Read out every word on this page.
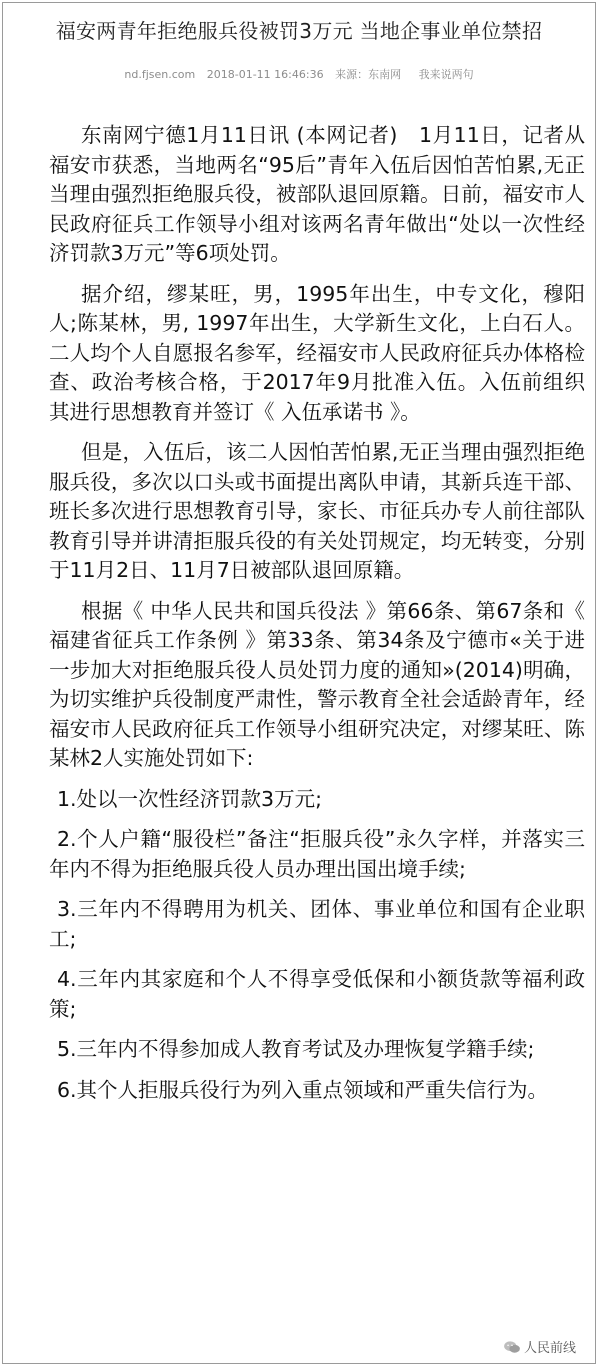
福安两青年拒绝服兵役被罚3万元 当地企事业单位禁招
nd.fjsen.com 2018-01-11 16:46:36 来源：东南网 我来说两句

东南网宁德1月11日讯 (本网记者)　1月11日，记者从福安市获悉，当地两名“95后”青年入伍后因怕苦怕累,无正当理由强烈拒绝服兵役，被部队退回原籍。日前，福安市人民政府征兵工作领导小组对该两名青年做出“处以一次性经济罚款3万元”等6项处罚。

据介绍，缪某旺，男，1995年出生，中专文化，穆阳人;陈某林，男, 1997年出生，大学新生文化，上白石人。二人均个人自愿报名参军，经福安市人民政府征兵办体格检查、政治考核合格，于2017年9月批准入伍。入伍前组织其进行思想教育并签订《 入伍承诺书 》。

但是，入伍后，该二人因怕苦怕累,无正当理由强烈拒绝服兵役，多次以口头或书面提出离队申请，其新兵连干部、班长多次进行思想教育引导，家长、市征兵办专人前往部队教育引导并讲清拒服兵役的有关处罚规定，均无转变，分别于11月2日、11月7日被部队退回原籍。

根据《 中华人民共和国兵役法 》第66条、第67条和《 福建省征兵工作条例 》第33条、第34条及宁德市«关于进一步加大对拒绝服兵役人员处罚力度的通知»(2014)明确，为切实维护兵役制度严肃性，警示教育全社会适龄青年，经福安市人民政府征兵工作领导小组研究决定，对缪某旺、陈某林2人实施处罚如下:

1.处以一次性经济罚款3万元;

2.个人户籍“服役栏”备注“拒服兵役”永久字样，并落实三年内不得为拒绝服兵役人员办理出国出境手续;

3.三年内不得聘用为机关、团体、事业单位和国有企业职工;

4.三年内其家庭和个人不得享受低保和小额货款等福利政策;

5.三年内不得参加成人教育考试及办理恢复学籍手续;

6.其个人拒服兵役行为列入重点领域和严重失信行为。

人民前线
